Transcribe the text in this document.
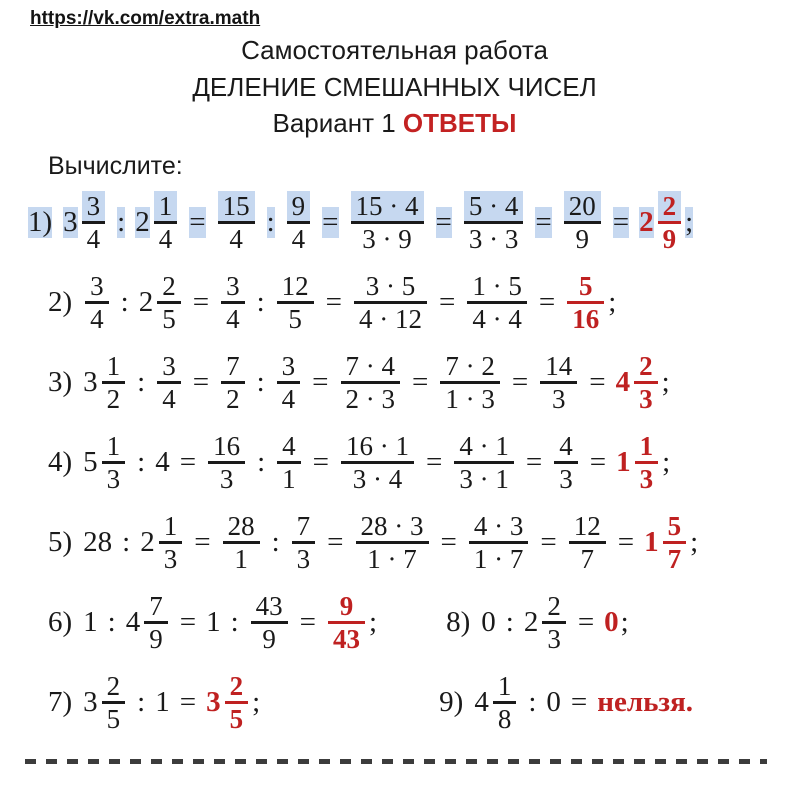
https://vk.com/extra.math
Самостоятельная работа
ДЕЛЕНИЕ СМЕШАННЫХ ЧИСЕЛ
Вариант 1 ОТВЕТЫ
Вычислите:
1) $3 \frac{3}{4}$ : $2 \frac{1}{4} = \frac{15}{4}$ : $\frac{9}{4} = \frac{15 \cdot 4}{3 \cdot 9} = \frac{5 \cdot 4}{3 \cdot 3} = \frac{20}{9} = 2 \frac{2}{9}$ ;
$2) \frac{3}{4}$ : $2 \frac{2}{5} = \frac{3}{4}$ : $\frac{12}{5} = \frac{3 \cdot 5}{4 \cdot 12} = \frac{1 \cdot 5}{4 \cdot 4} = \frac{5}{16}$ ;
3) $3 \frac{1}{2}$ : $\frac{3}{4} = \frac{7}{2}$ : $\frac{3}{4} = \frac{7 \cdot 4}{2 \cdot 3} = \frac{7 \cdot 2}{1 \cdot 3} = \frac{14}{3} = 4 \frac{2}{3}$ ;
4) $5 \frac{1}{3}$ : $4 = \frac{16}{3}$ : $\frac{4}{1} = \frac{16 \cdot 1}{3 \cdot 4} = \frac{4 \cdot 1}{3 \cdot 1} = \frac{4}{3} = 1 \frac{1}{3}$ ;
5) 28 : $2 \frac{1}{3} = \frac{28}{1}$ : $\frac{7}{3} = \frac{28 \cdot 3}{1 \cdot 7} = \frac{4 \cdot 3}{1 \cdot 7} = \frac{12}{7} = 1 \frac{5}{7}$ ;
6) 1 : $4 \frac{7}{9} = 1$ : $\frac{43}{9} = \frac{9}{43}$ ; 8) 0 : $2 \frac{2}{3} = 0$ ;
7) $3 \frac{2}{5}$ : $1 = 3 \frac{2}{5}$ ;	9) $4 \frac{1}{8}$ : 0 = нельзя.
